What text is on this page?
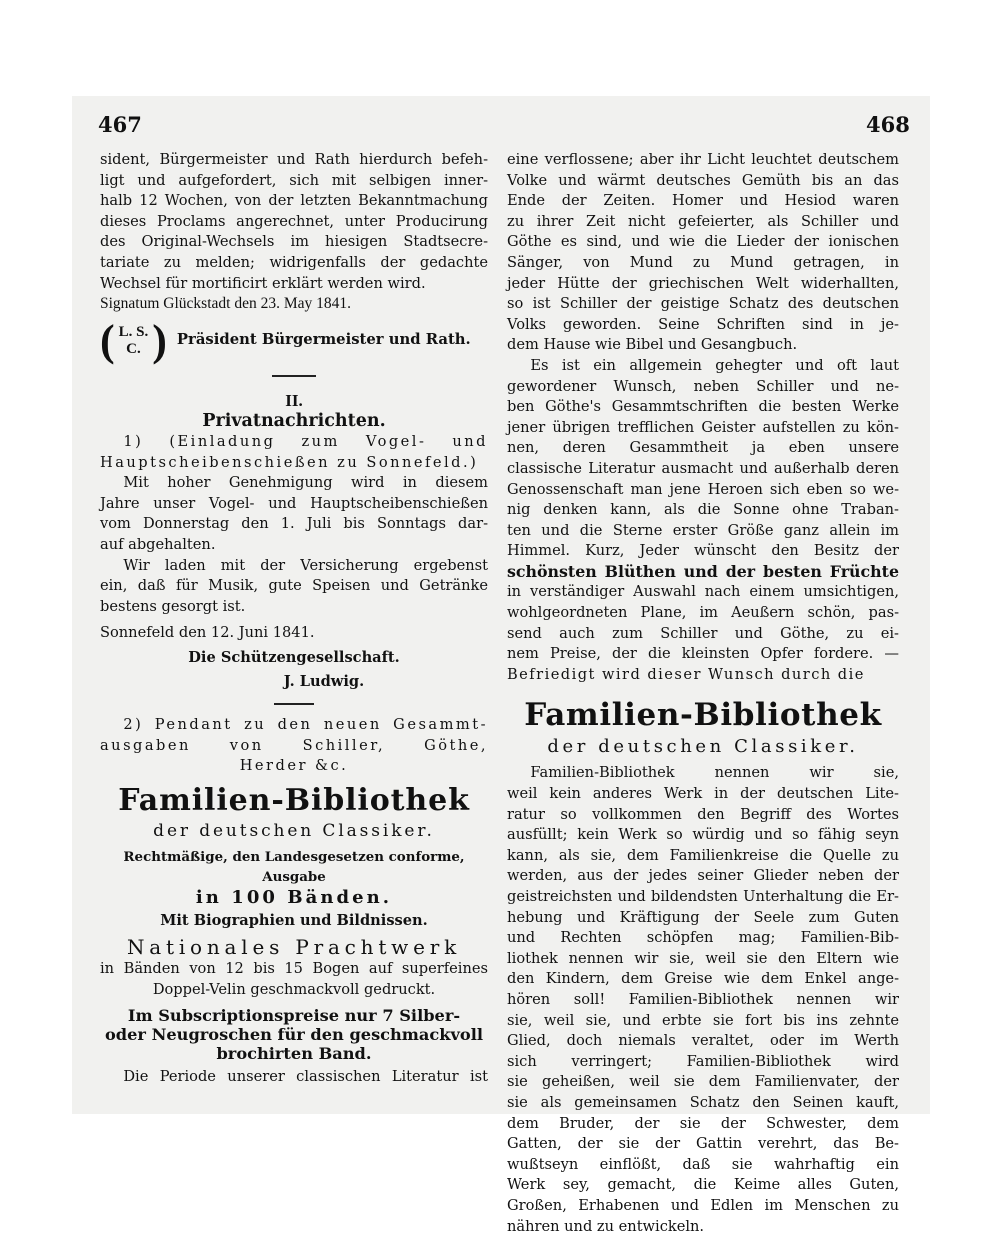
467	468

sident, Bürgermeister und Rath hierdurch befeh-

ligt und aufgefordert, sich mit selbigen inner-

halb 12 Wochen, von der letzten Bekanntmachung

dieses Proclams angerechnet, unter Producirung

des Original-Wechsels im hiesigen Stadtsecre-

tariate zu melden; widrigenfalls der gedachte

Wechsel für mortificirt erklärt werden wird.

Signatum Glückstadt den 23. May 1841.

( L. S.
C. ) Präsident Bürgermeister und Rath.

II.

Privatnachrichten.

1) (Einladung zum Vogel- und

Hauptscheibenschießen zu Sonnefeld.)

Mit hoher Genehmigung wird in diesem

Jahre unser Vogel- und Hauptscheibenschießen

vom Donnerstag den 1. Juli bis Sonntags dar-

auf abgehalten.

Wir laden mit der Versicherung ergebenst

ein, daß für Musik, gute Speisen und Getränke

bestens gesorgt ist.

Sonnefeld den 12. Juni 1841.

Die Schützengesellschaft.

J. Ludwig.

2) Pendant zu den neuen Gesammt-

ausgaben von Schiller, Göthe,

Herder &c.

Familien-Bibliothek

der deutschen Classiker.

Rechtmäßige, den Landesgesetzen conforme, Ausgabe

in 100 Bänden.

Mit Biographien und Bildnissen.

Nationales Prachtwerk

in Bänden von 12 bis 15 Bogen auf superfeines

Doppel-Velin geschmackvoll gedruckt.

Im Subscriptionspreise nur 7 Silber-

oder Neugroschen für den geschmackvoll

brochirten Band.

Die Periode unserer classischen Literatur ist

eine verflossene; aber ihr Licht leuchtet deutschem

Volke und wärmt deutsches Gemüth bis an das

Ende der Zeiten. Homer und Hesiod waren

zu ihrer Zeit nicht gefeierter, als Schiller und

Göthe es sind, und wie die Lieder der ionischen

Sänger, von Mund zu Mund getragen, in

jeder Hütte der griechischen Welt widerhallten,

so ist Schiller der geistige Schatz des deutschen

Volks geworden. Seine Schriften sind in je-

dem Hause wie Bibel und Gesangbuch.

Es ist ein allgemein gehegter und oft laut

gewordener Wunsch, neben Schiller und ne-

ben Göthe's Gesammtschriften die besten Werke

jener übrigen trefflichen Geister aufstellen zu kön-

nen, deren Gesammtheit ja eben unsere

classische Literatur ausmacht und außerhalb deren

Genossenschaft man jene Heroen sich eben so we-

nig denken kann, als die Sonne ohne Traban-

ten und die Sterne erster Größe ganz allein im

Himmel. Kurz, Jeder wünscht den Besitz der

schönsten Blüthen und der besten Früchte

in verständiger Auswahl nach einem umsichtigen,

wohlgeordneten Plane, im Aeußern schön, pas-

send auch zum Schiller und Göthe, zu ei-

nem Preise, der die kleinsten Opfer fordere. —

Befriedigt wird dieser Wunsch durch die

Familien-Bibliothek

der deutschen Classiker.

Familien-Bibliothek nennen wir sie,

weil kein anderes Werk in der deutschen Lite-

ratur so vollkommen den Begriff des Wortes

ausfüllt; kein Werk so würdig und so fähig seyn

kann, als sie, dem Familienkreise die Quelle zu

werden, aus der jedes seiner Glieder neben der

geistreichsten und bildendsten Unterhaltung die Er-

hebung und Kräftigung der Seele zum Guten

und Rechten schöpfen mag; Familien-Bib-

liothek nennen wir sie, weil sie den Eltern wie

den Kindern, dem Greise wie dem Enkel ange-

hören soll! Familien-Bibliothek nennen wir

sie, weil sie, und erbte sie fort bis ins zehnte

Glied, doch niemals veraltet, oder im Werth

sich verringert; Familien-Bibliothek wird

sie geheißen, weil sie dem Familienvater, der

sie als gemeinsamen Schatz den Seinen kauft,

dem Bruder, der sie der Schwester, dem

Gatten, der sie der Gattin verehrt, das Be-

wußtseyn einflößt, daß sie wahrhaftig ein

Werk sey, gemacht, die Keime alles Guten,

Großen, Erhabenen und Edlen im Menschen zu

nähren und zu entwickeln.
